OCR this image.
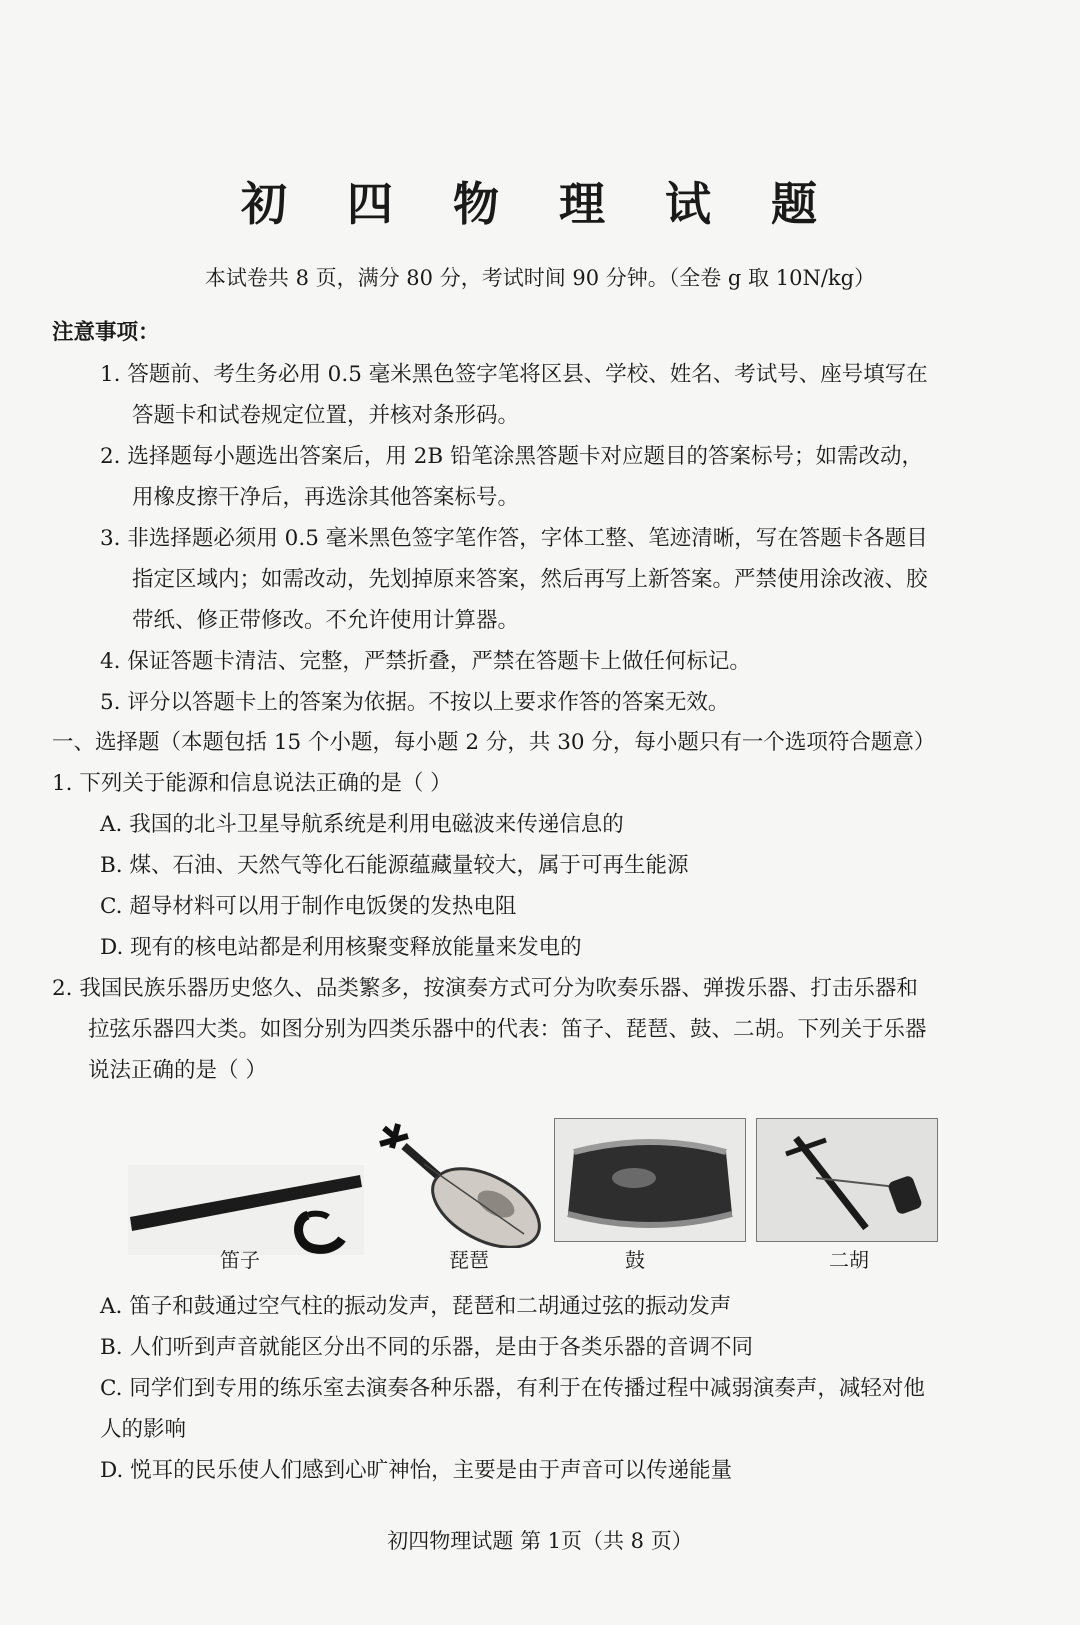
初 四 物 理 试 题
本试卷共 8 页，满分 80 分，考试时间 90 分钟。（全卷 g 取 10N/kg）
注意事项：
1. 答题前、考生务必用 0.5 毫米黑色签字笔将区县、学校、姓名、考试号、座号填写在
答题卡和试卷规定位置，并核对条形码。
2. 选择题每小题选出答案后，用 2B 铅笔涂黑答题卡对应题目的答案标号；如需改动，
用橡皮擦干净后，再选涂其他答案标号。
3. 非选择题必须用 0.5 毫米黑色签字笔作答，字体工整、笔迹清晰，写在答题卡各题目
指定区域内；如需改动，先划掉原来答案，然后再写上新答案。严禁使用涂改液、胶
带纸、修正带修改。不允许使用计算器。
4. 保证答题卡清洁、完整，严禁折叠，严禁在答题卡上做任何标记。
5. 评分以答题卡上的答案为依据。不按以上要求作答的答案无效。
一、选择题（本题包括 15 个小题，每小题 2 分，共 30 分，每小题只有一个选项符合题意）
1. 下列关于能源和信息说法正确的是（ ）
A. 我国的北斗卫星导航系统是利用电磁波来传递信息的
B. 煤、石油、天然气等化石能源蕴藏量较大，属于可再生能源
C. 超导材料可以用于制作电饭煲的发热电阻
D. 现有的核电站都是利用核聚变释放能量来发电的
2. 我国民族乐器历史悠久、品类繁多，按演奏方式可分为吹奏乐器、弹拨乐器、打击乐器和
拉弦乐器四大类。如图分别为四类乐器中的代表：笛子、琵琶、鼓、二胡。下列关于乐器
说法正确的是（ ）
笛子	琵琶	鼓	二胡
A. 笛子和鼓通过空气柱的振动发声，琵琶和二胡通过弦的振动发声
B. 人们听到声音就能区分出不同的乐器，是由于各类乐器的音调不同
C. 同学们到专用的练乐室去演奏各种乐器，有利于在传播过程中减弱演奏声，减轻对他
人的影响
D. 悦耳的民乐使人们感到心旷神怡，主要是由于声音可以传递能量
初四物理试题 第 1页（共 8 页）
